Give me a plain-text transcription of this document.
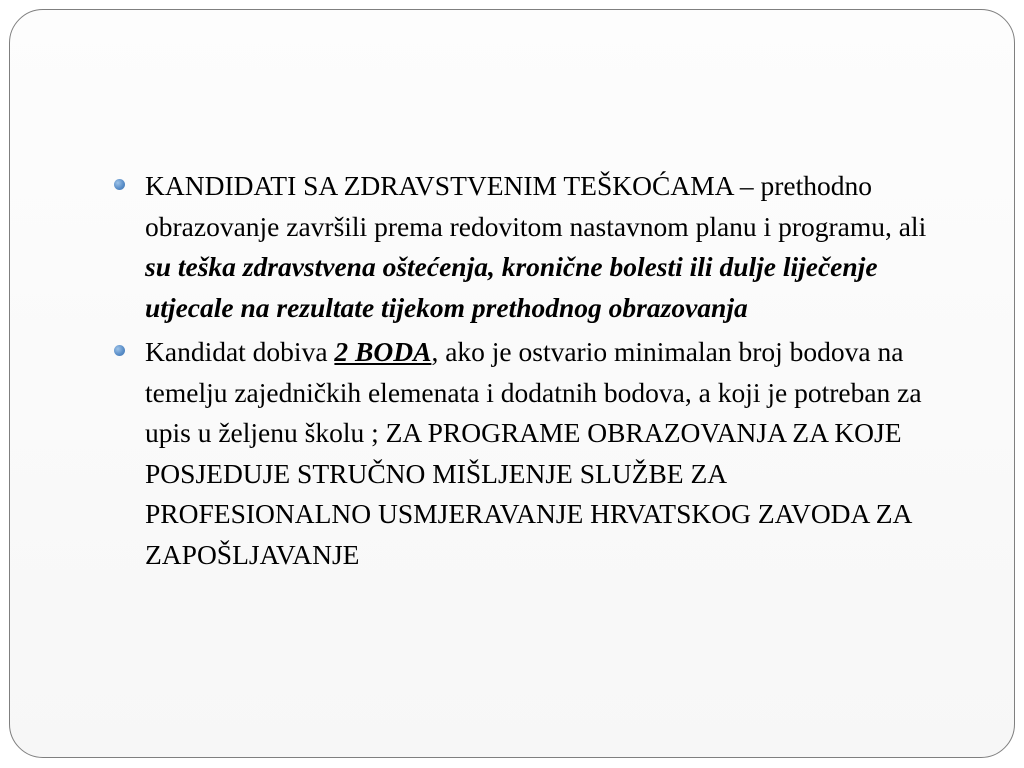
KANDIDATI SA ZDRAVSTVENIM TEŠKOĆAMA – prethodno obrazovanje završili prema redovitom nastavnom planu i programu, ali su teška zdravstvena oštećenja, kronične bolesti ili dulje liječenje utjecale na rezultate tijekom prethodnog obrazovanja
Kandidat dobiva 2 BODA, ako je ostvario minimalan broj bodova na temelju zajedničkih elemenata i dodatnih bodova, a koji je potreban za upis u željenu školu ; ZA PROGRAME OBRAZOVANJA ZA KOJE POSJEDUJE STRUČNO MIŠLJENJE SLUŽBE ZA PROFESIONALNO USMJERAVANJE HRVATSKOG ZAVODA ZA ZAPOŠLJAVANJE
